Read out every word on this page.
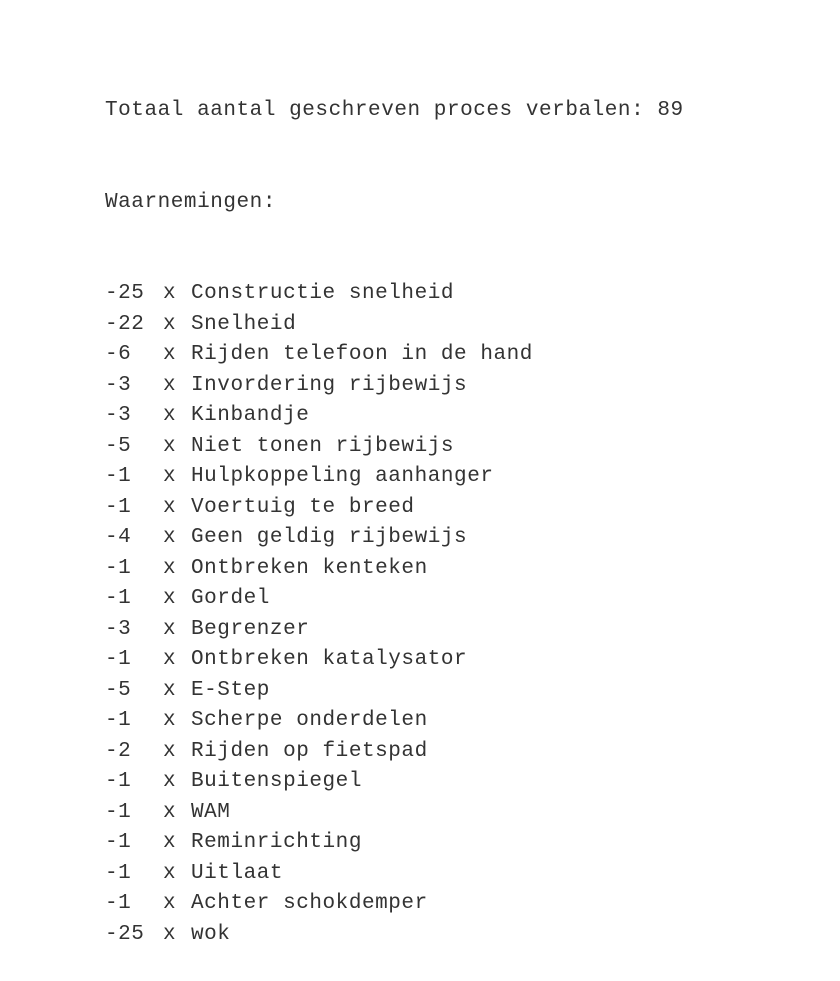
Totaal aantal geschreven proces verbalen: 89

Waarnemingen:

-25 x Constructie snelheid
-22 x Snelheid
-6 x Rijden telefoon in de hand
-3 x Invordering rijbewijs
-3 x Kinbandje
-5 x Niet tonen rijbewijs
-1 x Hulpkoppeling aanhanger
-1 x Voertuig te breed
-4 x Geen geldig rijbewijs
-1 x Ontbreken kenteken
-1 x Gordel
-3 x Begrenzer
-1 x Ontbreken katalysator
-5 x E-Step
-1 x Scherpe onderdelen
-2 x Rijden op fietspad
-1 x Buitenspiegel
-1 x WAM
-1 x Reminrichting
-1 x Uitlaat
-1 x Achter schokdemper
-25 x wok
